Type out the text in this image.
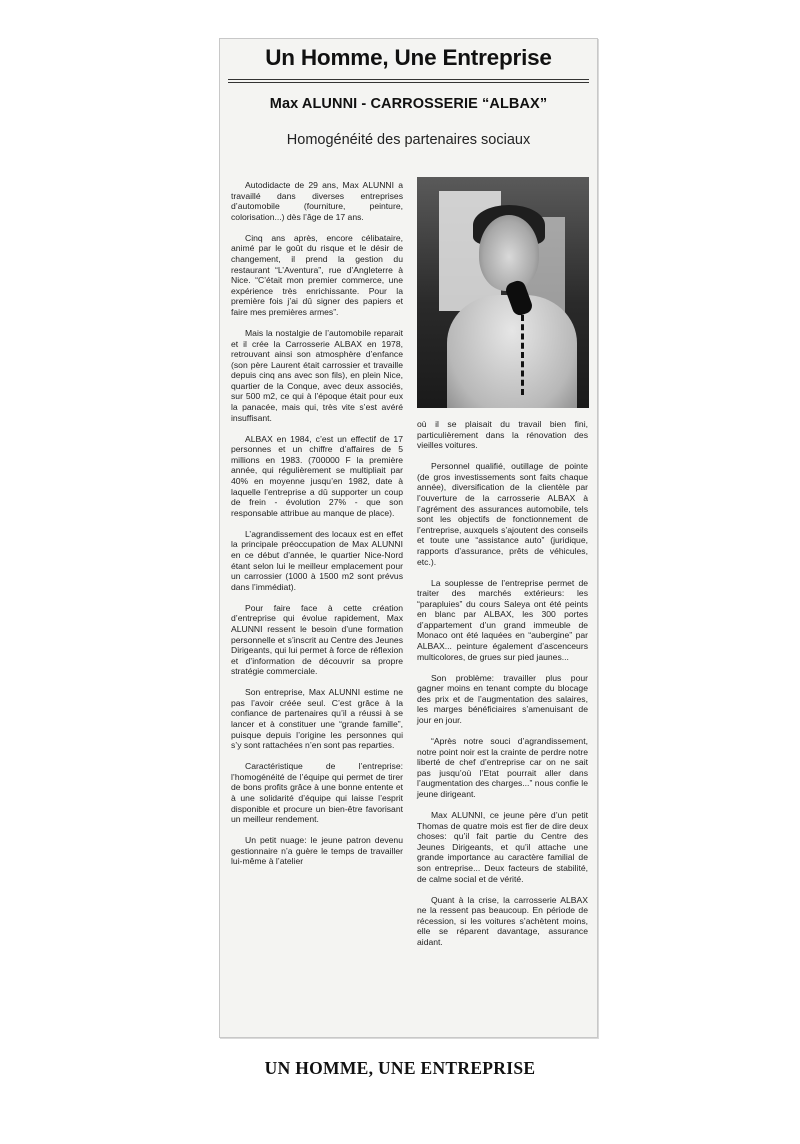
Un Homme, Une Entreprise
Max ALUNNI - CARROSSERIE “ALBAX”
Homogénéité des partenaires sociaux

Autodidacte de 29 ans, Max ALUNNI a travaillé dans diverses entreprises d’automobile (fourniture, peinture, colorisation...) dès l’âge de 17 ans.

Cinq ans après, encore célibataire, animé par le goût du risque et le désir de changement, il prend la gestion du restaurant “L’Aventura”, rue d’Angleterre à Nice. “C’était mon premier commerce, une expérience très enrichissante. Pour la première fois j’ai dû signer des papiers et faire mes premières armes”.

Mais la nostalgie de l’automobile reparait et il crée la Carrosserie ALBAX en 1978, retrouvant ainsi son atmosphère d’enfance (son père Laurent était carrossier et travaille depuis cinq ans avec son fils), en plein Nice, quartier de la Conque, avec deux associés, sur 500 m2, ce qui à l’époque était pour eux la panacée, mais qui, très vite s’est avéré insuffisant.

ALBAX en 1984, c’est un effectif de 17 personnes et un chiffre d’affaires de 5 millions en 1983. (700000 F la première année, qui régulièrement se multipliait par 40% en moyenne jusqu’en 1982, date à laquelle l’entreprise a dû supporter un coup de frein - évolution 27% - que son responsable attribue au manque de place).

L’agrandissement des locaux est en effet la principale préoccupation de Max ALUNNI en ce début d’année, le quartier Nice-Nord étant selon lui le meilleur emplacement pour un carrossier (1000 à 1500 m2 sont prévus dans l’immédiat).

Pour faire face à cette création d’entreprise qui évolue rapidement, Max ALUNNI ressent le besoin d’une formation personnelle et s’inscrit au Centre des Jeunes Dirigeants, qui lui permet à force de réflexion et d’information de découvrir sa propre stratégie commerciale.

Son entreprise, Max ALUNNI estime ne pas l’avoir créée seul. C’est grâce à la confiance de partenaires qu’il a réussi à se lancer et à constituer une “grande famille”, puisque depuis l’origine les personnes qui s’y sont rattachées n’en sont pas reparties.

Caractéristique de l’entreprise: l’homogénéité de l’équipe qui permet de tirer de bons profits grâce à une bonne entente et à une solidarité d’équipe qui laisse l’esprit disponible et procure un bien-être favorisant un meilleur rendement.

Un petit nuage: le jeune patron devenu gestionnaire n’a guère le temps de travailler lui-même à l’atelier

où il se plaisait du travail bien fini, particulièrement dans la rénovation des vieilles voitures.

Personnel qualifié, outillage de pointe (de gros investissements sont faits chaque année), diversification de la clientèle par l’ouverture de la carrosserie ALBAX à l’agrément des assurances automobile, tels sont les objectifs de fonctionnement de l’entreprise, auxquels s’ajoutent des conseils et toute une “assistance auto” (juridique, rapports d’assurance, prêts de véhicules, etc.).

La souplesse de l’entreprise permet de traiter des marchés extérieurs: les “parapluies” du cours Saleya ont été peints en blanc par ALBAX, les 300 portes d’appartement d’un grand immeuble de Monaco ont été laquées en “aubergine” par ALBAX... peinture également d’ascenceurs multicolores, de grues sur pied jaunes...

Son problème: travailler plus pour gagner moins en tenant compte du blocage des prix et de l’augmentation des salaires, les marges bénéficiaires s’amenuisant de jour en jour.

“Après notre souci d’agrandissement, notre point noir est la crainte de perdre notre liberté de chef d’entreprise car on ne sait pas jusqu’où l’Etat pourrait aller dans l’augmentation des charges...” nous confie le jeune dirigeant.

Max ALUNNI, ce jeune père d’un petit Thomas de quatre mois est fier de dire deux choses: qu’il fait partie du Centre des Jeunes Dirigeants, et qu’il attache une grande importance au caractère familial de son entreprise... Deux facteurs de stabilité, de calme social et de vérité.

Quant à la crise, la carrosserie ALBAX ne la ressent pas beaucoup. En période de récession, si les voitures s’achètent moins, elle se réparent davantage, assurance aidant.

UN HOMME, UNE ENTREPRISE
